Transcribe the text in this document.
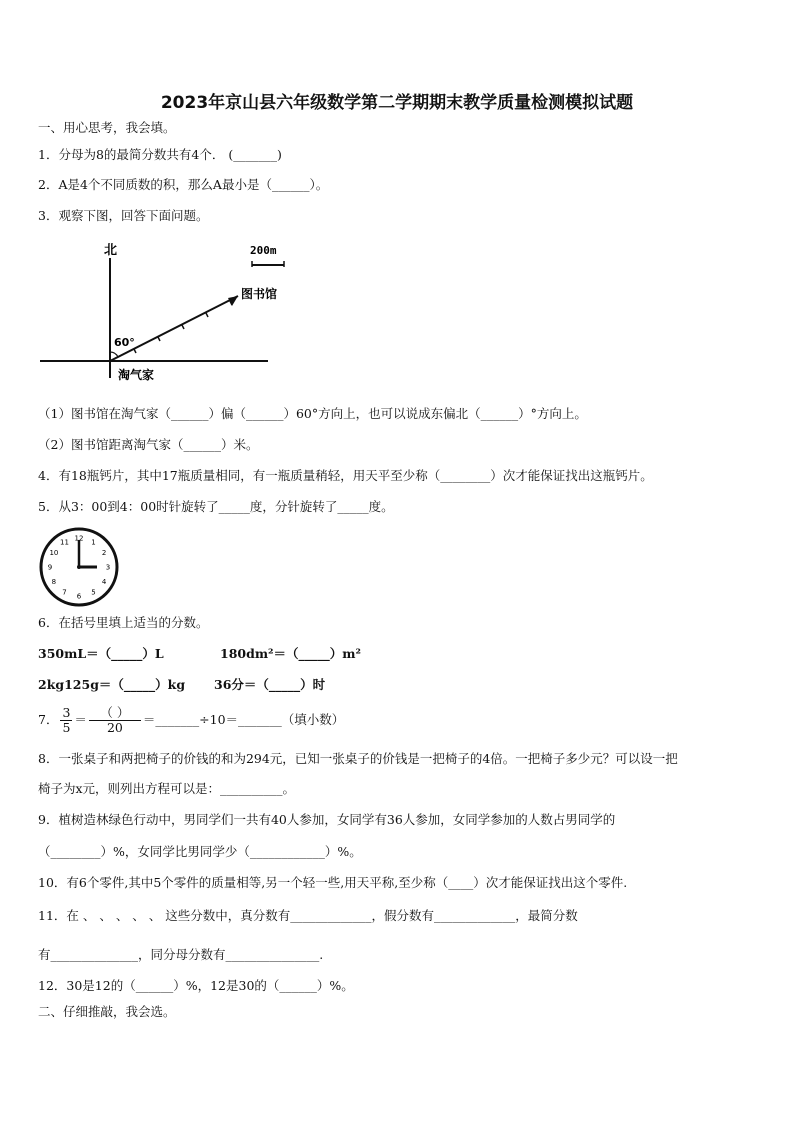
2023年京山县六年级数学第二学期期末教学质量检测模拟试题
一、用心思考，我会填。
1．分母为8的最简分数共有4个． (_______)
2．A是4个不同质数的积，那么A最小是（______）。
3．观察下图，回答下面问题。
北	200m
图书馆
60°
淘气家
（1）图书馆在淘气家（______）偏（______）60°方向上，也可以说成东偏北（______）°方向上。
（2）图书馆距离淘气家（______）米。
4．有18瓶钙片，其中17瓶质量相同，有一瓶质量稍轻，用天平至少称（________）次才能保证找出这瓶钙片。
5．从3：00到4：00时针旋转了_____度，分针旋转了_____度。
12 1
2
3
4
5
6
7
8
9
10
11
6．在括号里填上适当的分数。
350mL＝（_____）L	180dm²＝（_____）m²
2kg125g＝（_____）kg 36分＝（_____）时
7． $\frac{3}{5} = \frac{( )}{20}$ ＝_______÷10＝_______（填小数）
8．一张桌子和两把椅子的价钱的和为294元，已知一张桌子的价钱是一把椅子的4倍。一把椅子多少元？可以设一把
椅子为x元，则列出方程可以是：__________。
9．植树造林绿色行动中，男同学们一共有40人参加，女同学有36人参加，女同学参加的人数占男同学的
（________）%，女同学比男同学少（____________）%。
10．有6个零件,其中5个零件的质量相等,另一个轻一些,用天平称,至少称（____）次才能保证找出这个零件.
11．在 、 、 、 、 、 这些分数中，真分数有_____________，假分数有_____________，最简分数
有______________，同分母分数有_______________.
12．30是12的（______）%，12是30的（______）%。
二、仔细推敲，我会选。
